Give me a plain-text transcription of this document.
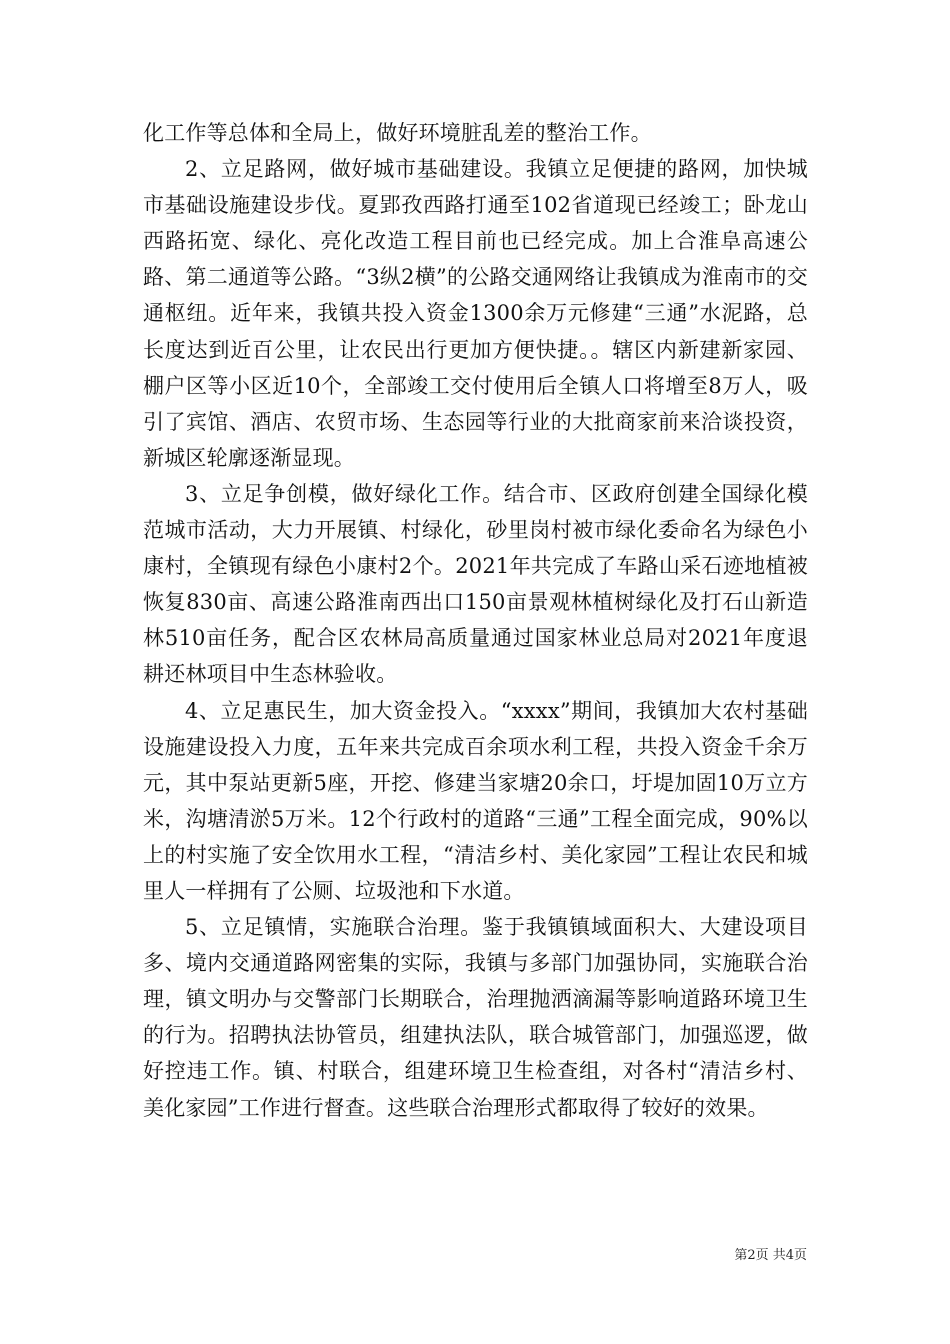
化工作等总体和全局上，做好环境脏乱差的整治工作。

2、立足路网，做好城市基础建设。我镇立足便捷的路网，加快城市基础设施建设步伐。夏郢孜西路打通至102省道现已经竣工；卧龙山西路拓宽、绿化、亮化改造工程目前也已经完成。加上合淮阜高速公路、第二通道等公路。“3纵2横”的公路交通网络让我镇成为淮南市的交通枢纽。近年来，我镇共投入资金1300余万元修建“三通”水泥路，总长度达到近百公里，让农民出行更加方便快捷。。辖区内新建新家园、棚户区等小区近10个，全部竣工交付使用后全镇人口将增至8万人，吸引了宾馆、酒店、农贸市场、生态园等行业的大批商家前来洽谈投资，新城区轮廓逐渐显现。

3、立足争创模，做好绿化工作。结合市、区政府创建全国绿化模范城市活动，大力开展镇、村绿化，砂里岗村被市绿化委命名为绿色小康村，全镇现有绿色小康村2个。2021年共完成了车路山采石迹地植被恢复830亩、高速公路淮南西出口150亩景观林植树绿化及打石山新造林510亩任务，配合区农林局高质量通过国家林业总局对2021年度退耕还林项目中生态林验收。

4、立足惠民生，加大资金投入。“xxxx”期间，我镇加大农村基础设施建设投入力度，五年来共完成百余项水利工程，共投入资金千余万元，其中泵站更新5座，开挖、修建当家塘20余口，圩堤加固10万立方米，沟塘清淤5万米。12个行政村的道路“三通”工程全面完成，90%以上的村实施了安全饮用水工程，“清洁乡村、美化家园”工程让农民和城里人一样拥有了公厕、垃圾池和下水道。

5、立足镇情，实施联合治理。鉴于我镇镇域面积大、大建设项目多、境内交通道路网密集的实际，我镇与多部门加强协同，实施联合治理，镇文明办与交警部门长期联合，治理抛洒滴漏等影响道路环境卫生的行为。招聘执法协管员，组建执法队，联合城管部门，加强巡逻，做好控违工作。镇、村联合，组建环境卫生检查组，对各村“清洁乡村、美化家园”工作进行督查。这些联合治理形式都取得了较好的效果。

第2页 共4页
